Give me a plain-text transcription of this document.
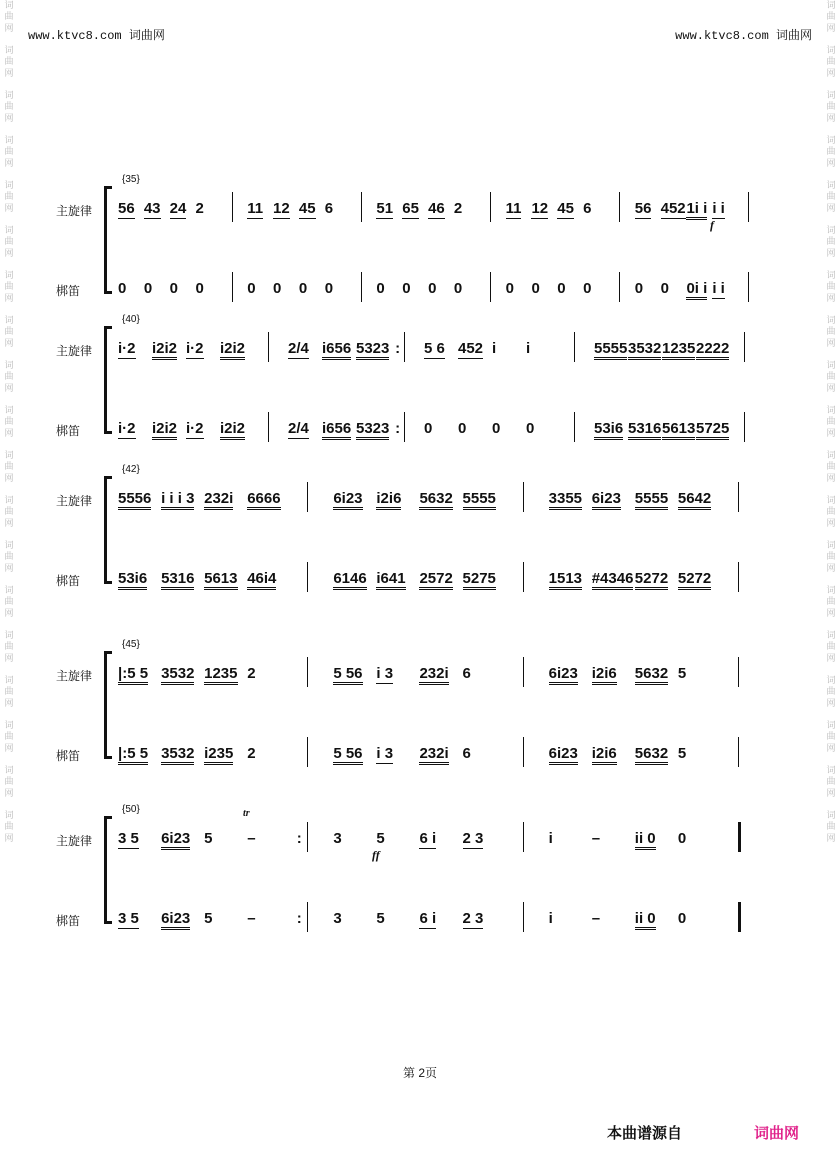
www.ktvc8.com 词曲网	www.ktvc8.com 词曲网
词
曲
网

词
曲
网

词
曲
网

词
曲
网

词
曲
网

词
曲
网

词
曲
网

词
曲
网

词
曲
网

词
曲
网

词
曲
网

词
曲
网

词
曲
网

词
曲
网

词
曲
网

词
曲
网

词
曲
网

词
曲
网

词
曲
网
词
曲
网

词
曲
网

词
曲
网

词
曲
网

词
曲
网

词
曲
网

词
曲
网

词
曲
网

词
曲
网

词
曲
网

词
曲
网

词
曲
网

词
曲
网

词
曲
网

词
曲
网

词
曲
网

词
曲
网

词
曲
网

词
曲
网
主旋律
梆笛
{35}
56 43 24 2	11 12 45 6	51 65 46 2	11 12 45 6	56 452 1i i i i
0 0 0 0	0 0 0 0	0 0 0 0	0 0 0 0	0 0 0i i i i
f
主旋律
梆笛
{40}
i·2 i2i2 i·2 i2i2	2/4 i656 5323 : 5 6 452 i i	5555 3532 1235 2222
i·2 i2i2 i·2 i2i2	2/4 i656 5323 : 0 0 0 0	53i6 5316 5613 5725
主旋律
梆笛
{42}
5556 i i i 3 232i 6666	6i23 i2i6 5632 5555	3355 6i23 5555 5642
53i6 5316 5613 46i4	6146 i641 2572 5275	1513 #4346 5272 5272
主旋律
梆笛
{45}
|:5 5 3532 1235 2	5 56 i 3 232i 6	6i23 i2i6 5632 5
|:5 5 3532 i235 2	5 56 i 3 232i 6	6i23 i2i6 5632 5
主旋律
梆笛
{50}
3 5 6i23 5 –	: 3 5 6 i 2 3	i	– ii 0 0
3 5 6i23 5 –	: 3 5 6 i 2 3	i	– ii 0 0
ff
tr
第 2页
本曲谱源自	词曲网
